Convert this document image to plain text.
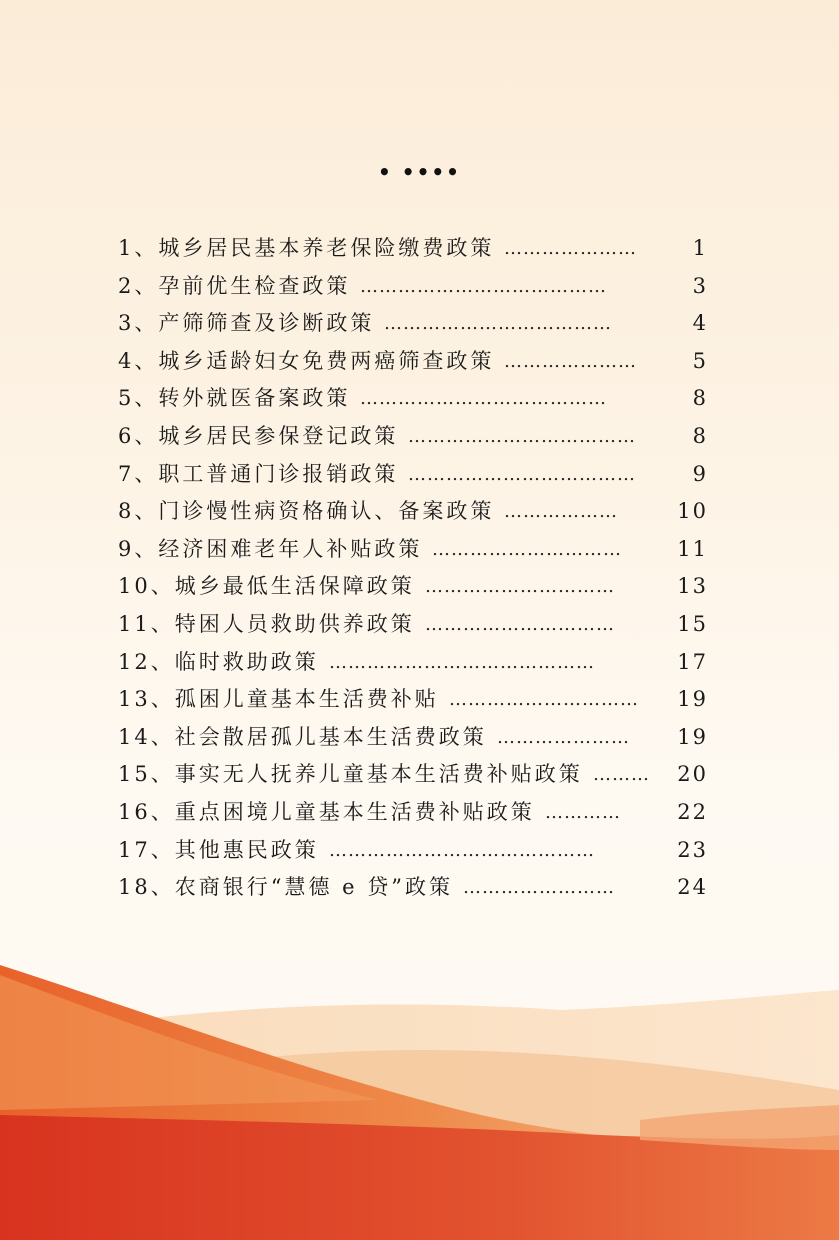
• ••••
1、城乡居民基本养老保险缴费政策 …………………	1
2、孕前优生检查政策 …………………………………	3
3、产筛筛查及诊断政策 ………………………………	4
4、城乡适龄妇女免费两癌筛查政策 …………………	5
5、转外就医备案政策 …………………………………	8
6、城乡居民参保登记政策 ………………………………	8
7、职工普通门诊报销政策 ………………………………	9
8、门诊慢性病资格确认、备案政策 ………………	10
9、经济困难老年人补贴政策 …………………………	11
10、城乡最低生活保障政策 …………………………	13
11、特困人员救助供养政策 …………………………	15
12、临时救助政策 ……………………………………	17
13、孤困儿童基本生活费补贴 …………………………	19
14、社会散居孤儿基本生活费政策 …………………	19
15、事实无人抚养儿童基本生活费补贴政策 ………	20
16、重点困境儿童基本生活费补贴政策 …………	22
17、其他惠民政策 ……………………………………	23
18、农商银行“慧德 e 贷”政策 ……………………	24
